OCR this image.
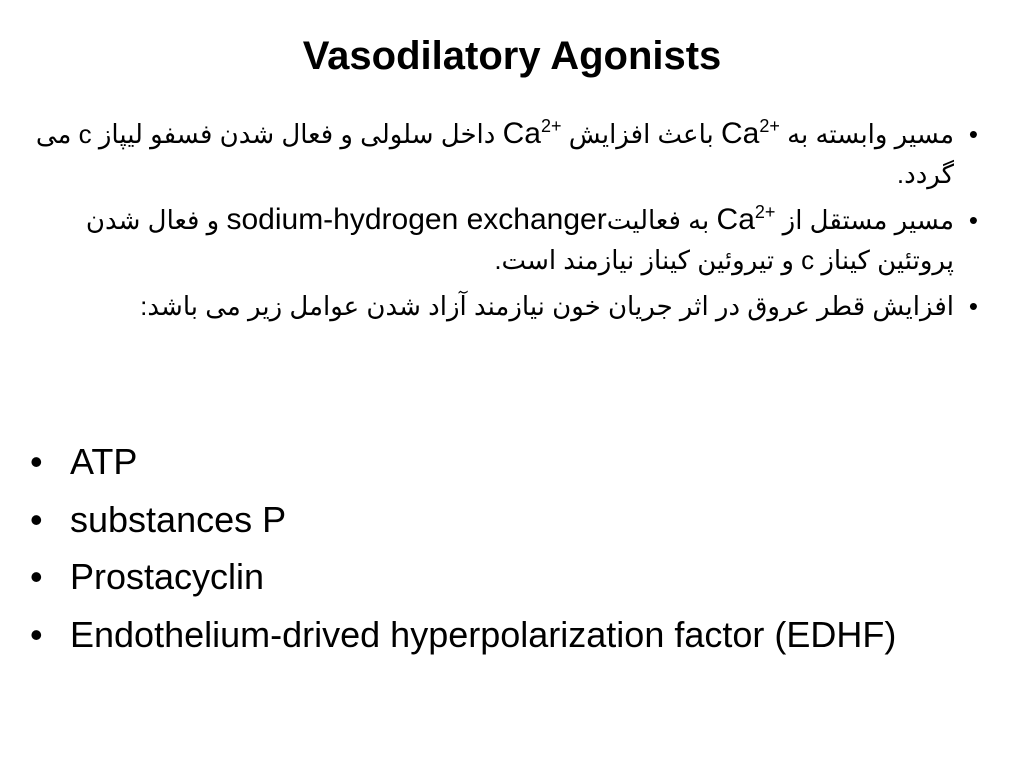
Vasodilatory Agonists
•
مسیر وابسته به $Ca^{2+}$ باعث افزایش $Ca^{2+}$ داخل سلولی و فعال شدن فسفو لیپاز c می گردد.
•
مسیر مستقل از $Ca^{2+}$ به فعالیتsodium-hydrogen exchanger و فعال شدن پروتئین کیناز c و تیروئین کیناز نیازمند است.
•
افزایش قطر عروق در اثر جریان خون نیازمند آزاد شدن عوامل زیر می باشد:
• ATP
• substances P
• Prostacyclin
• Endothelium-drived hyperpolarization factor (EDHF)
